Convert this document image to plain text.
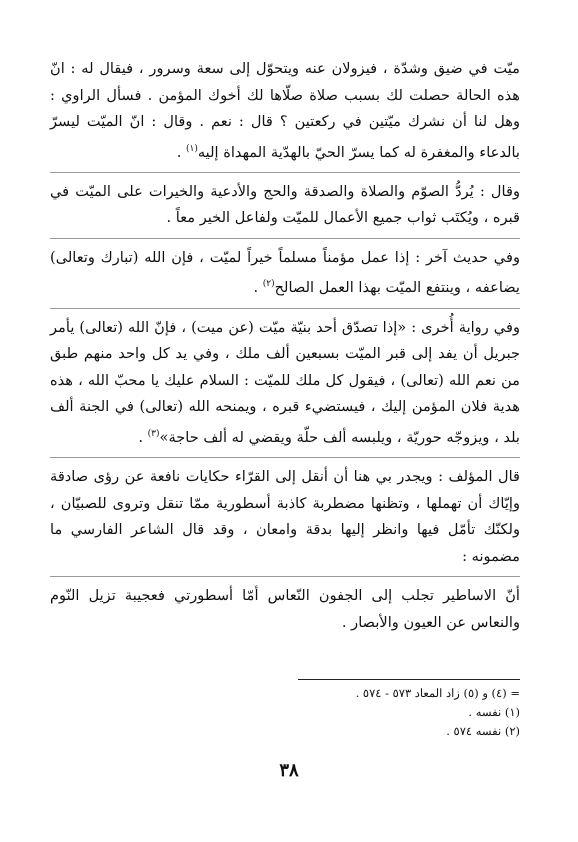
ميّت في ضيق وشدّة ، فيزولان عنه ويتحوّل إلى سعة وسرور ، فيقال له : انّ هذه الحالة حصلت لك بسبب صلاة صلّاها لك أخوك المؤمن . فسأل الراوي : وهل لنا أن نشرك ميّتين في ركعتين ؟ قال : نعم . وقال : انّ الميّت ليسرّ بالدعاء والمغفرة له كما يسرّ الحيّ بالهدّية المهداة إليه$^{(١)}$ .

وقال : يُردُّ الصوّم والصلاة والصدقة والحج والأدعية والخيرات على الميّت في قبره ، ويُكتَب ثواب جميع الأعمال للميّت ولفاعل الخير معاً .

وفي حديث آخر : إذا عمل مؤمناً مسلماً خيراً لميّت ، فإن الله (تبارك وتعالى) يضاعفه ، وينتفع الميّت بهذا العمل الصالح$^{(٢)}$ .

وفي رواية أُخرى : «إذا تصدّق أحد بنيّة ميّت (عن ميت) ، فإنّ الله (تعالى) يأمر جبريل أن يفد إلى قبر الميّت بسبعين ألف ملك ، وفي يد كل واحد منهم طبق من نعم الله (تعالى) ، فيقول كل ملك للميّت : السلام عليك يا محبّ الله ، هذه هدية فلان المؤمن إليك ، فيستضيء قبره ، ويمنحه الله (تعالى) في الجنة ألف بلد ، ويزوجّه حوريّة ، ويلبسه ألف حلّة ويقضي له ألف حاجة»$^{(٣)}$ .

قال المؤلف : ويجدر بي هنا أن أنقل إلى القرّاء حكايات نافعة عن رؤى صادقة وإيّاك أن تهملها ، وتظنها مضطربة كاذبة أسطورية ممّا تنقل وتروى للصبيّان ، ولكنّك تأمّل فيها وانظر إليها بدقة وامعان ، وقد قال الشاعر الفارسي ما مضمونه :

أنّ الاساطير تجلب إلى الجفون النّعاس أمّا أسطورتي فعجيبة تزيل النّوم والنعاس عن العيون والأبصار .

= (٤) و (٥) زاد المعاد ٥٧٣ - ٥٧٤ .
(١) نفسه .
(٢) نفسه ٥٧٤ .
٣٨
